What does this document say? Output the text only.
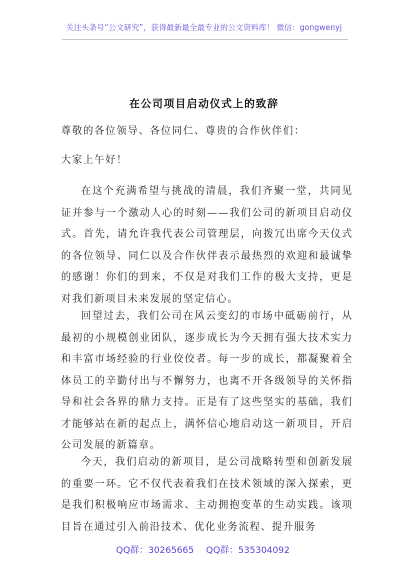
关注头条号“公文研究”，获得最新最全最专业的公文资料库！ 微信：gongwenyj
在公司项目启动仪式上的致辞
尊敬的各位领导、各位同仁、尊贵的合作伙伴们：
大家上午好！
在这个充满希望与挑战的清晨，我们齐聚一堂，共同见证并参与一个激动人心的时刻——我们公司的新项目启动仪式。首先，请允许我代表公司管理层，向拨冗出席今天仪式的各位领导、同仁以及合作伙伴表示最热烈的欢迎和最诚挚的感谢！你们的到来，不仅是对我们工作的极大支持，更是对我们新项目未来发展的坚定信心。
回望过去，我们公司在风云变幻的市场中砥砺前行，从最初的小规模创业团队，逐步成长为今天拥有强大技术实力和丰富市场经验的行业佼佼者。每一步的成长，都凝聚着全体员工的辛勤付出与不懈努力，也离不开各级领导的关怀指导和社会各界的鼎力支持。正是有了这些坚实的基础，我们才能够站在新的起点上，满怀信心地启动这一新项目，开启公司发展的新篇章。
今天，我们启动的新项目，是公司战略转型和创新发展的重要一环。它不仅代表着我们在技术领域的深入探索，更是我们积极响应市场需求、主动拥抱变革的生动实践。该项目旨在通过引入前沿技术、优化业务流程、提升服务
QQ群：30265665 QQ群：535304092
